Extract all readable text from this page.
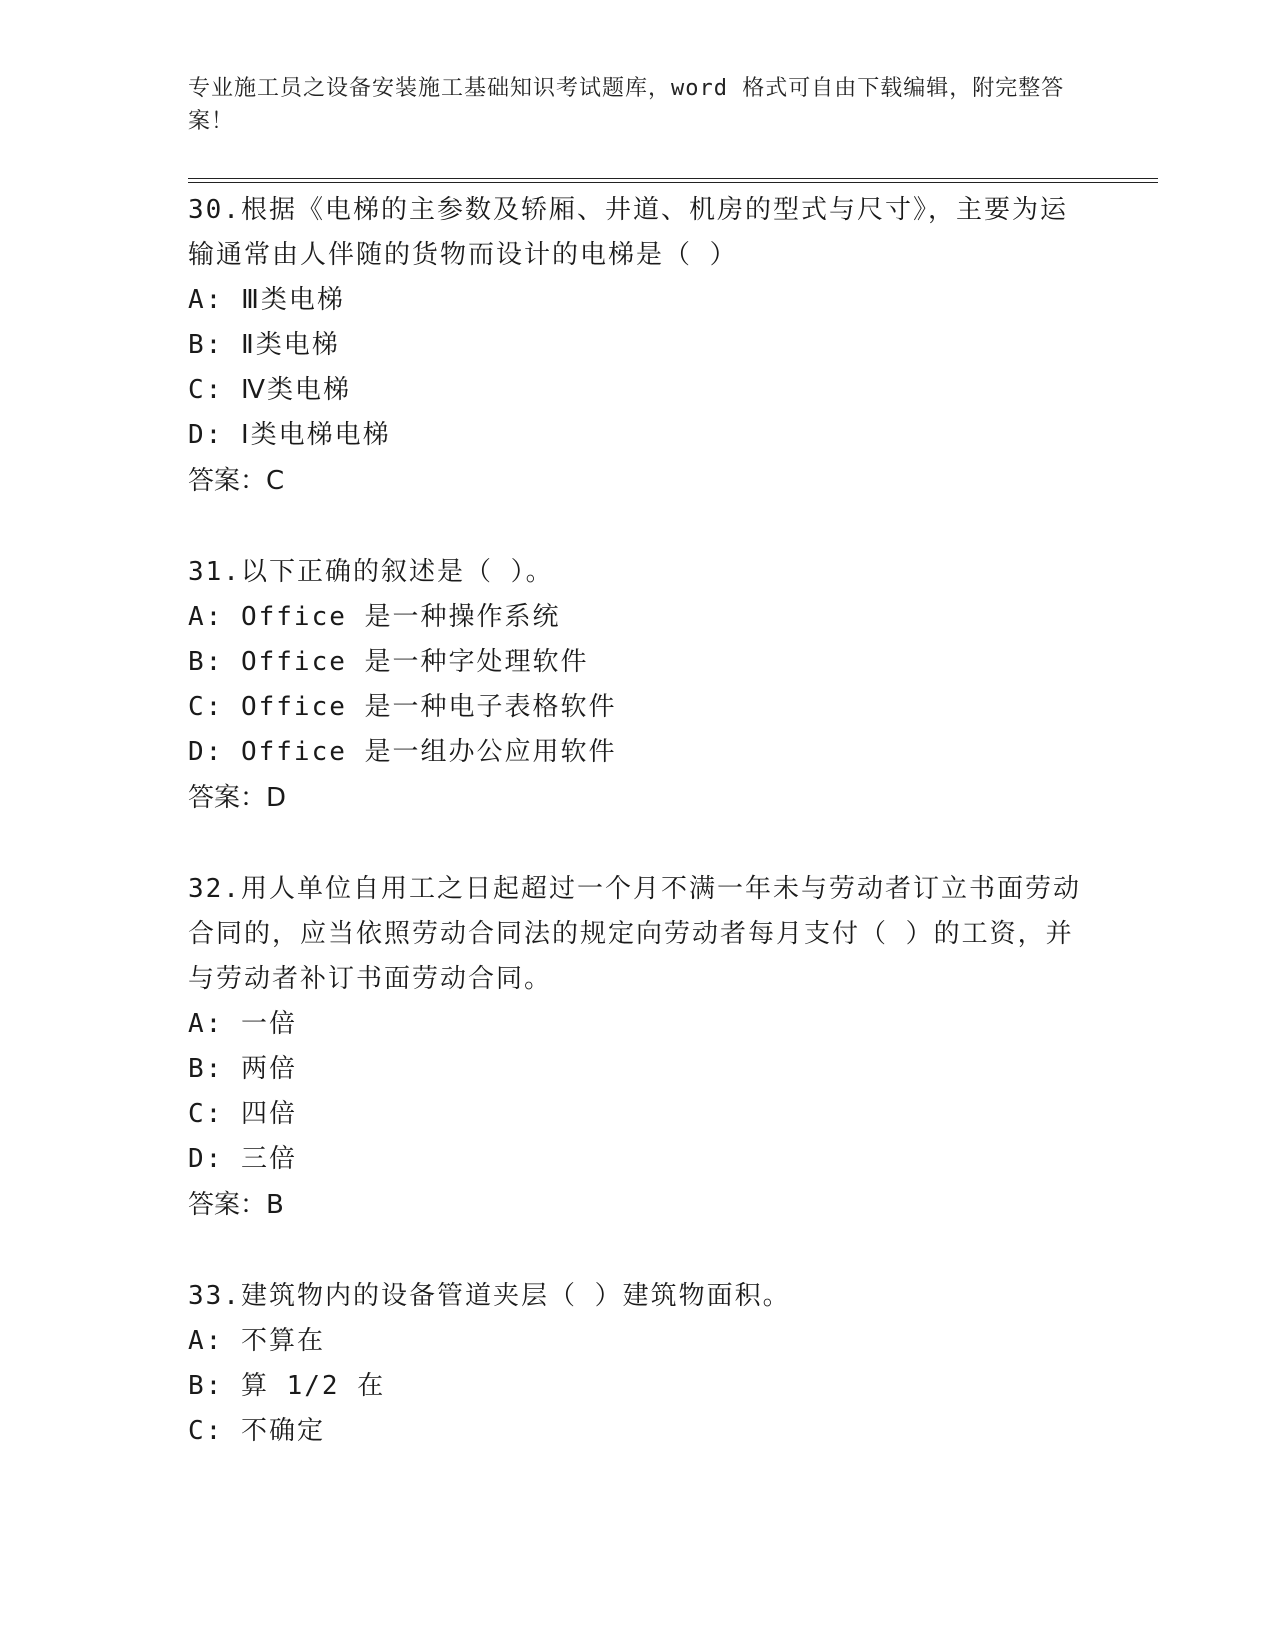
专业施工员之设备安装施工基础知识考试题库，word 格式可自由下载编辑，附完整答案！

30.根据《电梯的主参数及轿厢、井道、机房的型式与尺寸》，主要为运输通常由人伴随的货物而设计的电梯是（ ）

A: Ⅲ类电梯

B: Ⅱ类电梯

C: Ⅳ类电梯

D: Ⅰ类电梯电梯

答案：C

31.以下正确的叙述是（ ）。

A: Office 是一种操作系统

B: Office 是一种字处理软件

C: Office 是一种电子表格软件

D: Office 是一组办公应用软件

答案：D

32.用人单位自用工之日起超过一个月不满一年未与劳动者订立书面劳动合同的，应当依照劳动合同法的规定向劳动者每月支付（ ）的工资，并与劳动者补订书面劳动合同。

A: 一倍

B: 两倍

C: 四倍

D: 三倍

答案：B

33.建筑物内的设备管道夹层（ ）建筑物面积。

A: 不算在

B: 算 1/2 在

C: 不确定
